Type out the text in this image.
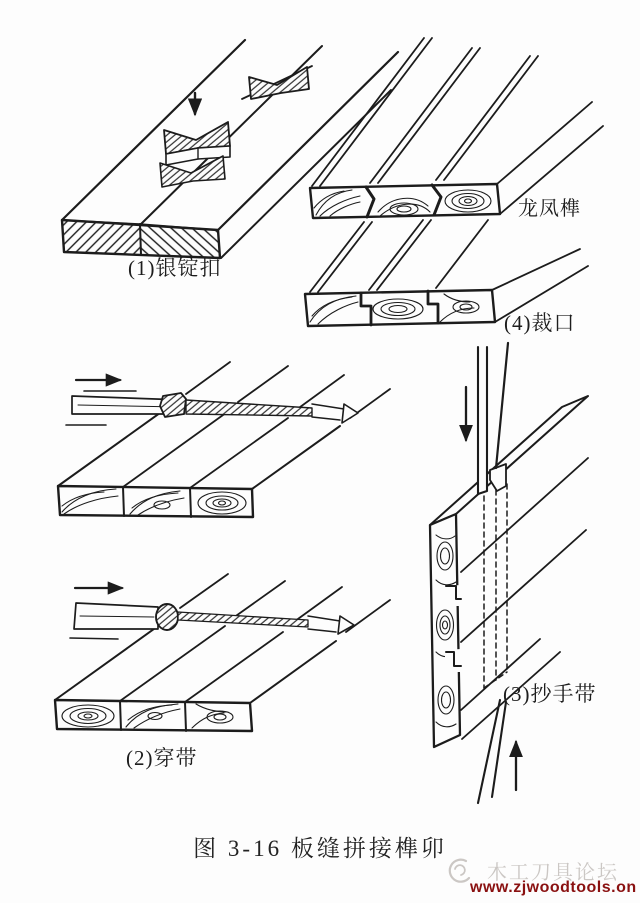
(1)银锭扣
龙凤榫
(4)裁口
(2)穿带
(3)抄手带
图 3-16 板缝拼接榫卯
木工刀具论坛
www.zjwoodtools.on
